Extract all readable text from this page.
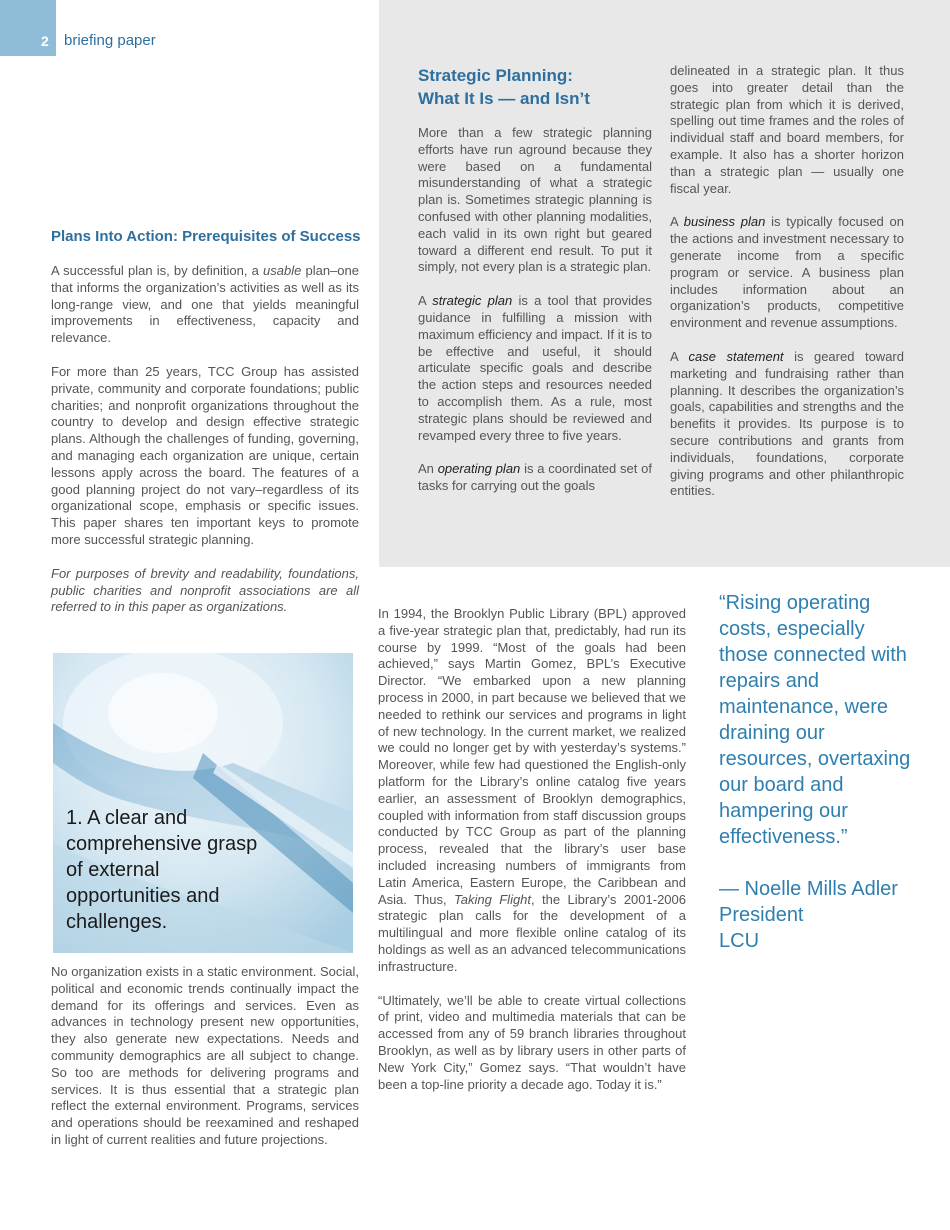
2 briefing paper
Strategic Planning:
What It Is — and Isn’t

More than a few strategic planning efforts have run aground because they were based on a fundamental misunderstanding of what a strategic plan is. Sometimes strategic planning is confused with other planning modalities, each valid in its own right but geared toward a different end result. To put it simply, not every plan is a strategic plan.

A strategic plan is a tool that provides guidance in fulfilling a mission with maximum efficiency and impact. If it is to be effective and useful, it should articulate specific goals and describe the action steps and resources needed to accomplish them. As a rule, most strategic plans should be reviewed and revamped every three to five years.

An operating plan is a coordinated set of tasks for carrying out the goals

delineated in a strategic plan. It thus goes into greater detail than the strategic plan from which it is derived, spelling out time frames and the roles of individual staff and board members, for example. It also has a shorter horizon than a strategic plan — usually one fiscal year.

A business plan is typically focused on the actions and investment necessary to generate income from a specific program or service. A business plan includes information about an organization’s products, competitive environment and revenue assumptions.

A case statement is geared toward marketing and fundraising rather than planning. It describes the organization’s goals, capabilities and strengths and the benefits it provides. Its purpose is to secure contributions and grants from individuals, foundations, corporate giving programs and other philanthropic entities.

Plans Into Action: Prerequisites of Success

A successful plan is, by definition, a usable plan–one that informs the organization’s activities as well as its long-range view, and one that yields meaningful improvements in effectiveness, capacity and relevance.

For more than 25 years, TCC Group has assisted private, community and corporate foundations; public charities; and nonprofit organizations throughout the country to develop and design effective strategic plans. Although the challenges of funding, governing, and managing each organization are unique, certain lessons apply across the board. The features of a good planning project do not vary–regardless of its organizational scope, emphasis or specific issues. This paper shares ten important keys to promote more successful strategic planning.

For purposes of brevity and readability, foundations, public charities and nonprofit associations are all referred to in this paper as organizations.

1. A clear and comprehensive grasp of external opportunities and challenges.

No organization exists in a static environment. Social, political and economic trends continually impact the demand for its offerings and services. Even as advances in technology present new opportunities, they also generate new expectations. Needs and community demographics are all subject to change. So too are methods for delivering programs and services. It is thus essential that a strategic plan reflect the external environment. Programs, services and operations should be reexamined and reshaped in light of current realities and future projections.

In 1994, the Brooklyn Public Library (BPL) approved a five-year strategic plan that, predictably, had run its course by 1999. “Most of the goals had been achieved,” says Martin Gomez, BPL’s Executive Director. “We embarked upon a new planning process in 2000, in part because we believed that we needed to rethink our services and programs in light of new technology. In the current market, we realized we could no longer get by with yesterday’s systems.” Moreover, while few had questioned the English-only platform for the Library’s online catalog five years earlier, an assessment of Brooklyn demographics, coupled with information from staff discussion groups conducted by TCC Group as part of the planning process, revealed that the library’s user base included increasing numbers of immigrants from Latin America, Eastern Europe, the Caribbean and Asia. Thus, Taking Flight, the Library’s 2001-2006 strategic plan calls for the development of a multilingual and more flexible online catalog of its holdings as well as an advanced telecommunications infrastructure.

“Ultimately, we’ll be able to create virtual collections of print, video and multimedia materials that can be accessed from any of 59 branch libraries throughout Brooklyn, as well as by library users in other parts of New York City,” Gomez says. “That wouldn’t have been a top-line priority a decade ago. Today it is.”

“Rising operating costs, especially those connected with repairs and maintenance, were draining our resources, overtaxing our board and hampering our effectiveness.”

— Noelle Mills Adler
President
LCU
